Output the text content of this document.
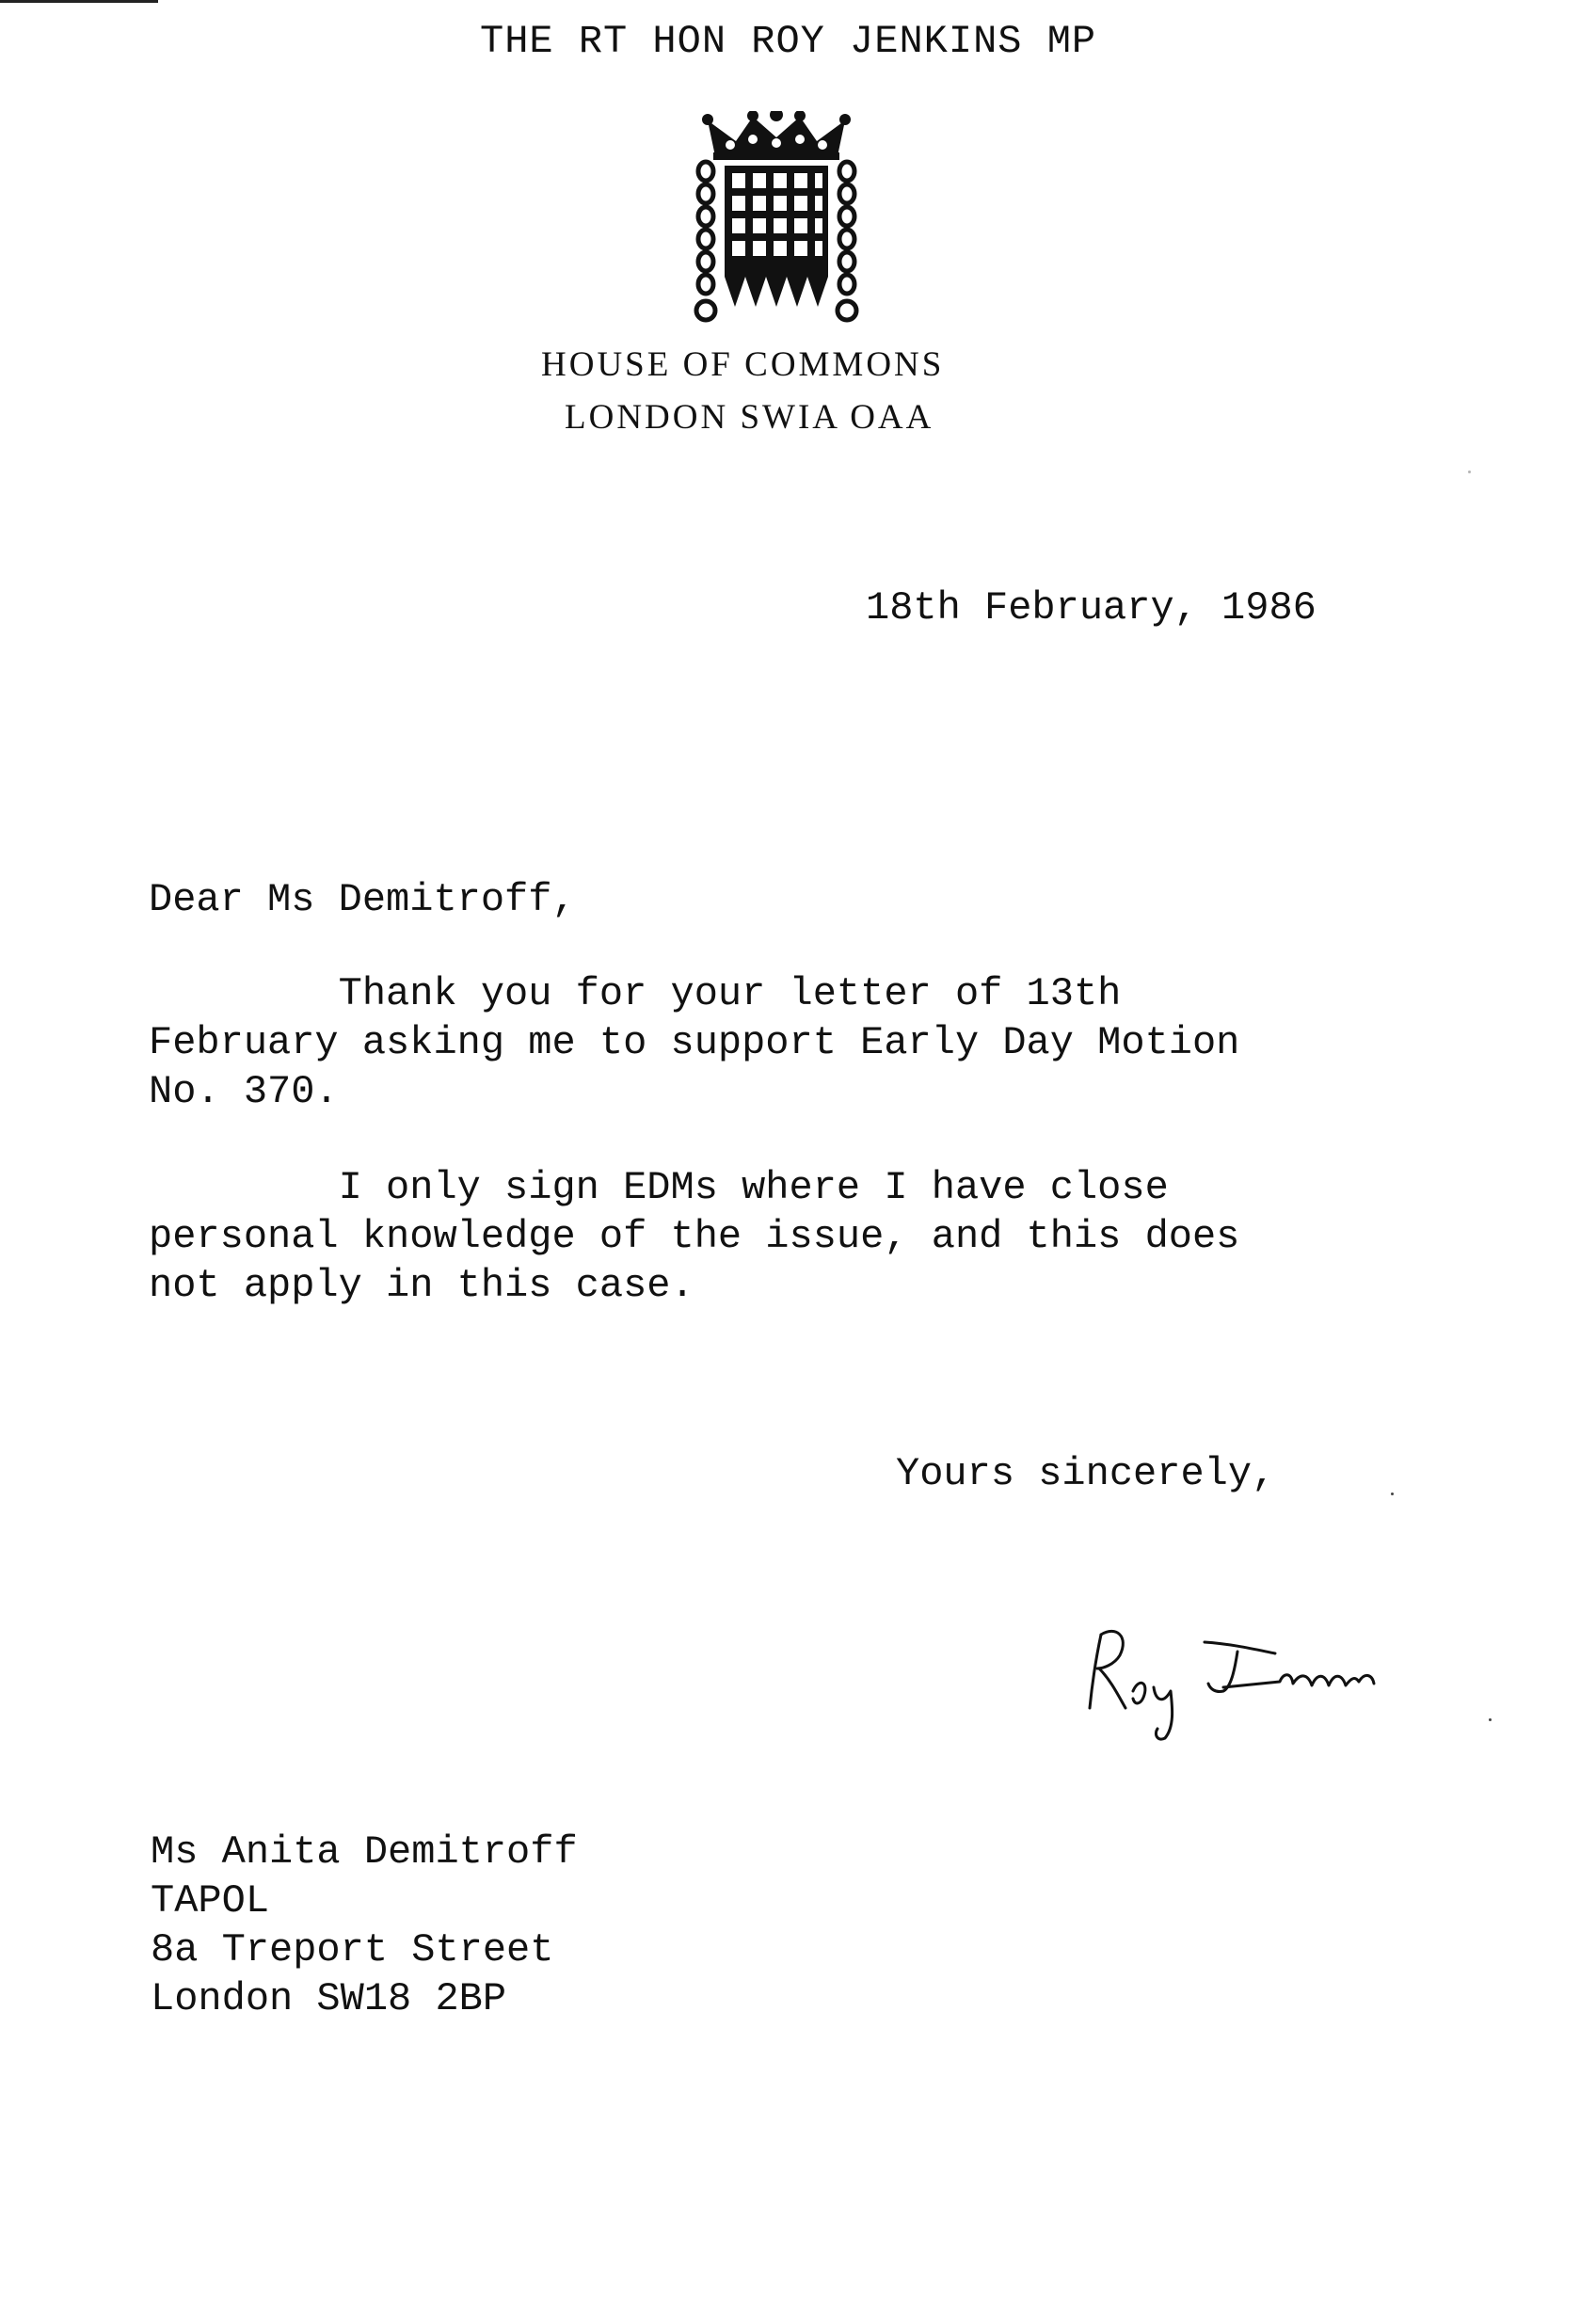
THE RT HON ROY JENKINS MP
HOUSE OF COMMONS
LONDON SWIA OAA
18th February, 1986
Dear Ms Demitroff,
Thank you for your letter of 13th
February asking me to support Early Day Motion
No. 370.
I only sign EDMs where I have close
personal knowledge of the issue, and this does
not apply in this case.
Yours sincerely,
Ms Anita Demitroff
TAPOL
8a Treport Street
London SW18 2BP
